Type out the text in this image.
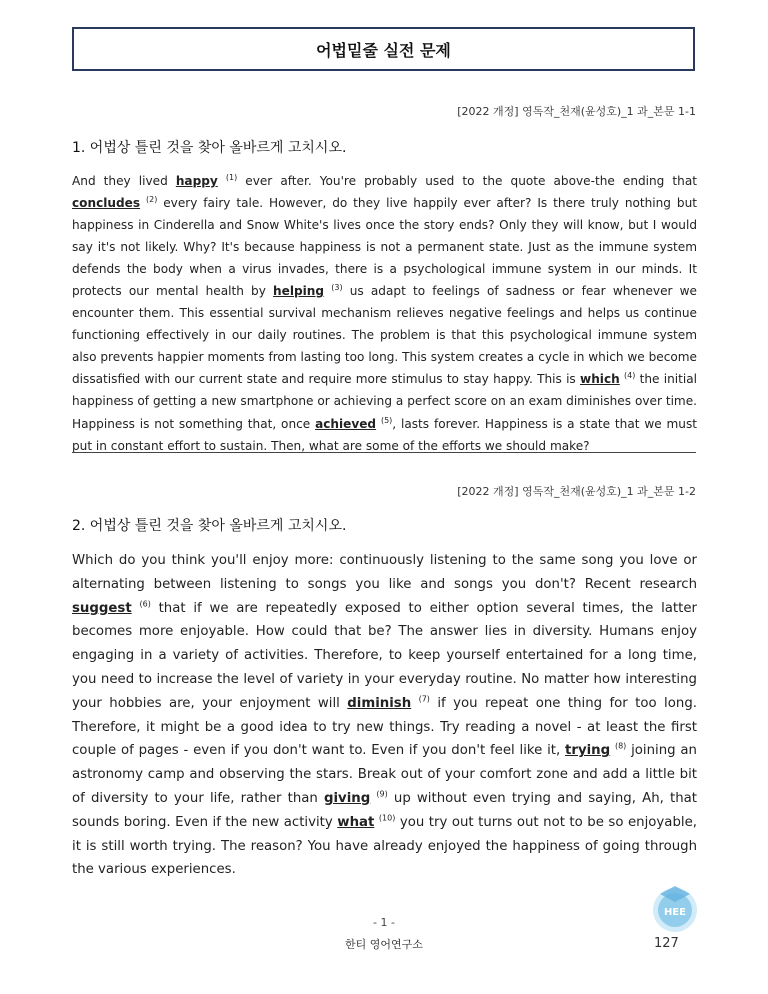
어법밑줄 실전 문제
[2022 개정] 영독작_천재(윤성호)_1 과_본문 1-1
1. 어법상 틀린 것을 찾아 올바르게 고치시오.
And they lived happy $^{(1)}$ ever after. You're probably used to the quote above-the ending that concludes $^{(2)}$ every fairy tale. However, do they live happily ever after? Is there truly nothing but happiness in Cinderella and Snow White's lives once the story ends? Only they will know, but I would say it's not likely. Why? It's because happiness is not a permanent state. Just as the immune system defends the body when a virus invades, there is a psychological immune system in our minds. It protects our mental health by helping $^{(3)}$ us adapt to feelings of sadness or fear whenever we encounter them. This essential survival mechanism relieves negative feelings and helps us continue functioning effectively in our daily routines. The problem is that this psychological immune system also prevents happier moments from lasting too long. This system creates a cycle in which we become dissatisfied with our current state and require more stimulus to stay happy. This is which $^{(4)}$ the initial happiness of getting a new smartphone or achieving a perfect score on an exam diminishes over time. Happiness is not something that, once achieved $^{(5)}$, lasts forever. Happiness is a state that we must put in constant effort to sustain. Then, what are some of the efforts we should make?
[2022 개정] 영독작_천재(윤성호)_1 과_본문 1-2
2. 어법상 틀린 것을 찾아 올바르게 고치시오.
Which do you think you'll enjoy more: continuously listening to the same song you love or alternating between listening to songs you like and songs you don't? Recent research suggest $^{(6)}$ that if we are repeatedly exposed to either option several times, the latter becomes more enjoyable. How could that be? The answer lies in diversity. Humans enjoy engaging in a variety of activities. Therefore, to keep yourself entertained for a long time, you need to increase the level of variety in your everyday routine. No matter how interesting your hobbies are, your enjoyment will diminish $^{(7)}$ if you repeat one thing for too long. Therefore, it might be a good idea to try new things. Try reading a novel - at least the first couple of pages - even if you don't want to. Even if you don't feel like it, trying $^{(8)}$ joining an astronomy camp and observing the stars. Break out of your comfort zone and add a little bit of diversity to your life, rather than giving $^{(9)}$ up without even trying and saying, Ah, that sounds boring. Even if the new activity what $^{(10)}$ you try out turns out not to be so enjoyable, it is still worth trying. The reason? You have already enjoyed the happiness of going through the various experiences.
HEE
- 1 -
한티 영어연구소	127
